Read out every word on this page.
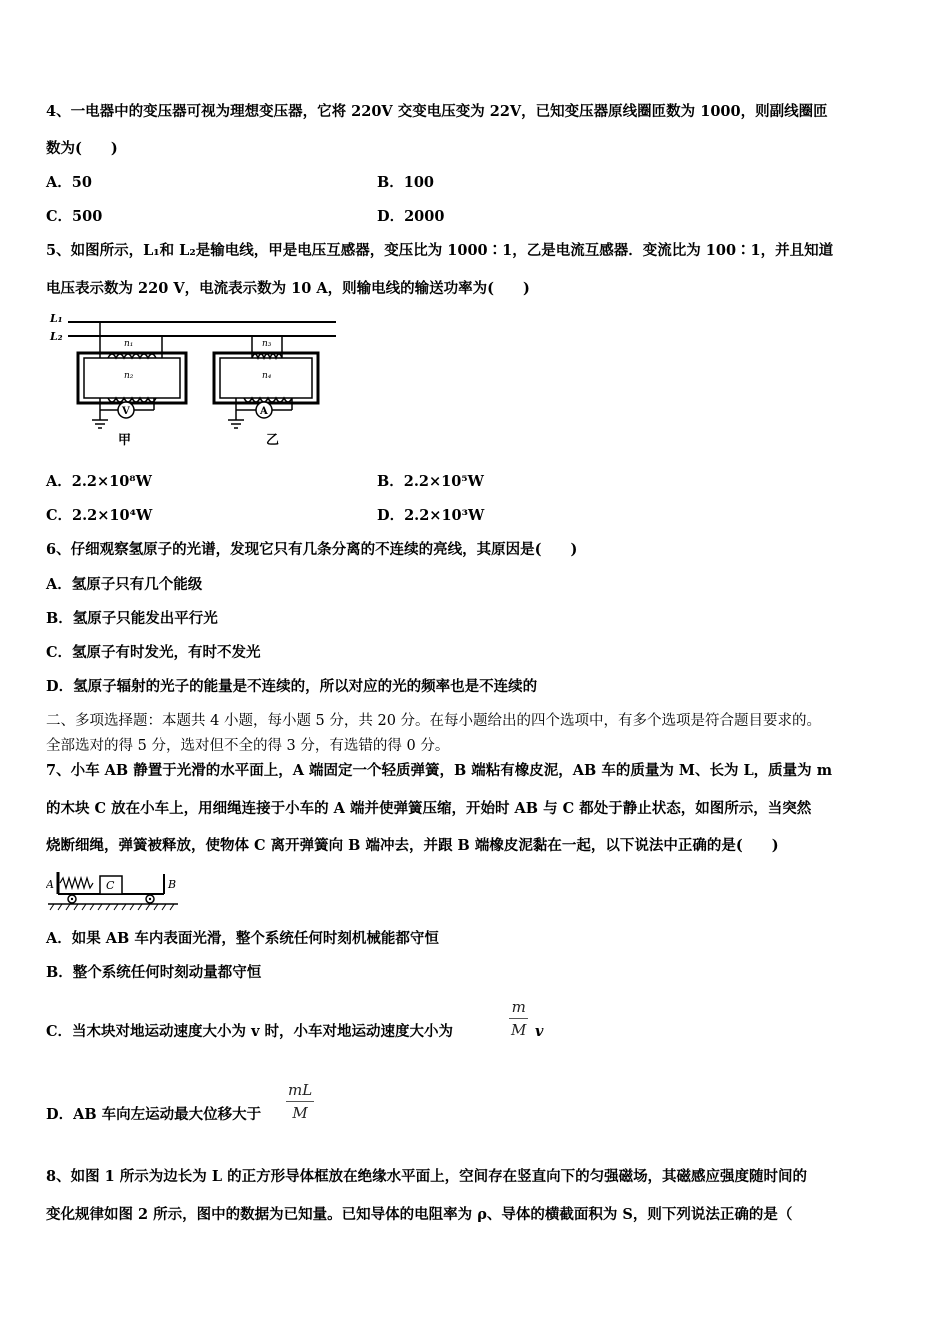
4、一电器中的变压器可视为理想变压器，它将 220V 交变电压变为 22V，已知变压器原线圈匝数为 1000，则副线圈匝
数为(　　)
A．50	B．100
C．500	D．2000
5、如图所示，L₁和 L₂是输电线，甲是电压互感器，变压比为 1000∶1，乙是电流互感器．变流比为 100∶1，并且知道
电压表示数为 220 V，电流表示数为 10 A，则输电线的输送功率为(　　)
L₁
L₂
n₁
n₂
V
甲
n₃
n₄
A
乙
A．2.2×10⁸W	B．2.2×10⁵W
C．2.2×10⁴W	D．2.2×10³W
6、仔细观察氢原子的光谱，发现它只有几条分离的不连续的亮线，其原因是(　　)
A．氢原子只有几个能级
B．氢原子只能发出平行光
C．氢原子有时发光，有时不发光
D．氢原子辐射的光子的能量是不连续的，所以对应的光的频率也是不连续的
二、多项选择题：本题共 4 小题，每小题 5 分，共 20 分。在每小题给出的四个选项中，有多个选项是符合题目要求的。
全部选对的得 5 分，选对但不全的得 3 分，有选错的得 0 分。
7、小车 AB 静置于光滑的水平面上，A 端固定一个轻质弹簧，B 端粘有橡皮泥，AB 车的质量为 M、长为 L，质量为 m
的木块 C 放在小车上，用细绳连接于小车的 A 端并使弹簧压缩，开始时 AB 与 C 都处于静止状态，如图所示，当突然
烧断细绳，弹簧被释放，使物体 C 离开弹簧向 B 端冲去，并跟 B 端橡皮泥黏在一起，以下说法中正确的是(　　)
A	B
C
A．如果 AB 车内表面光滑，整个系统任何时刻机械能都守恒
B．整个系统任何时刻动量都守恒
C．当木块对地运动速度大小为 v 时，小车对地运动速度大小为
m
M v
D．AB 车向左运动最大位移大于
mL
M
8、如图 1 所示为边长为 L 的正方形导体框放在绝缘水平面上，空间存在竖直向下的匀强磁场，其磁感应强度随时间的
变化规律如图 2 所示，图中的数据为已知量。已知导体的电阻率为 ρ、导体的横截面积为 S，则下列说法正确的是（
